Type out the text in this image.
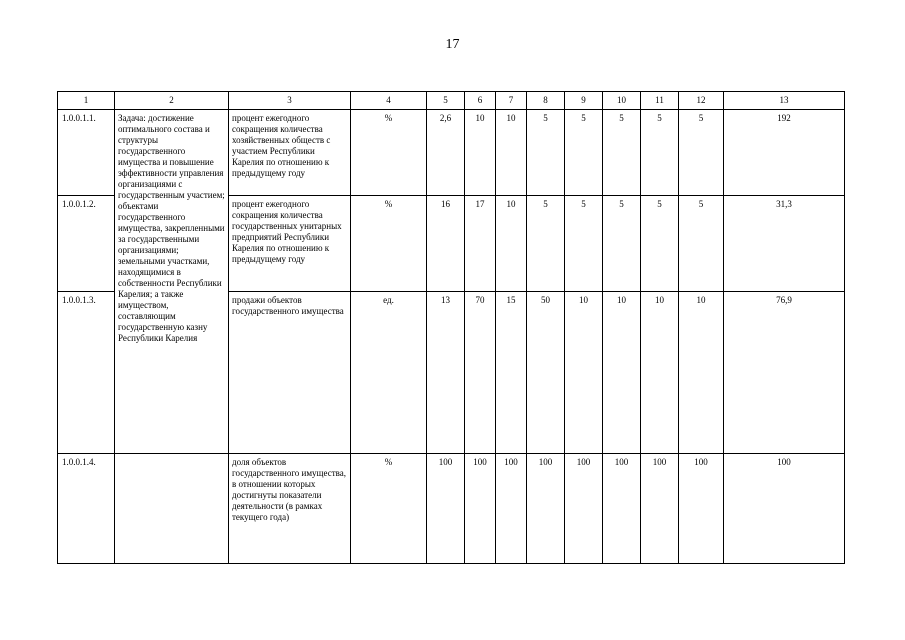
17
1	2	3	4	5	6	7	8	9	10	11	12	13
1.0.0.1.1.	Задача: достижение оптимального состава и структуры государственного имущества и повышение эффективности управления организациями с государственным участием; объектами государственного имущества, закрепленными за государственными организациями; земельными участками, находящимися в собственности Республики Карелия; а также имуществом, составляющим государственную казну Республики Карелия	процент ежегодного сокращения количества хозяйственных обществ с участием Республики Карелия по отношению к предыдущему году	%	2,6	10	10	5	5	5	5	5	192
1.0.0.1.2.		процент ежегодного сокращения количества государственных унитарных предприятий Республики Карелия по отношению к предыдущему году	%	16	17	10	5	5	5	5	5	31,3
1.0.0.1.3.		продажи объектов государственного имущества	ед.	13	70	15	50	10	10	10	10	76,9
1.0.0.1.4.		доля объектов государственного имущества, в отношении которых достигнуты показатели деятельности (в рамках текущего года)	%	100	100	100	100	100	100	100	100	100
